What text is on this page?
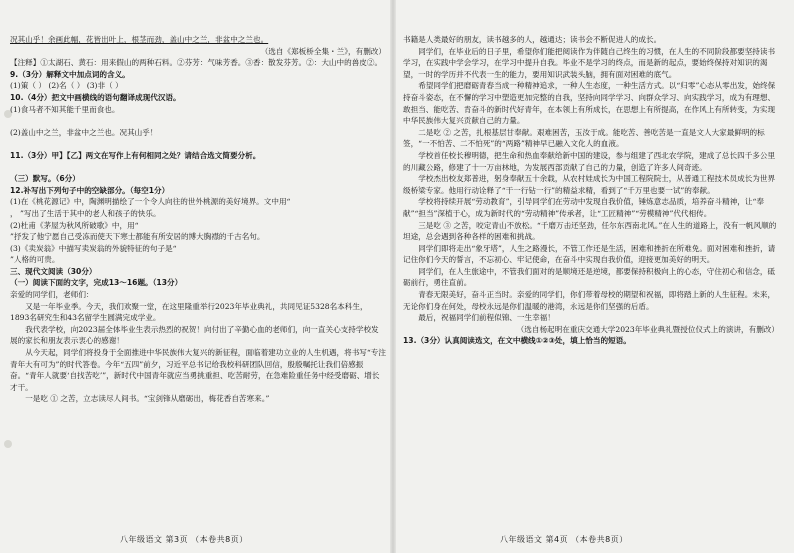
况其山乎！余画此幅，花皆出叶上，根茎而劲，盖山中之兰，非盆中之兰也。
（选自《郑板桥全集・兰》，有删改）
【注释】①太湖石、黄石：用来假山的两种石料。②芬芳：气味芳香。③香：散发芬芳。②：大山中的兽皮②。
9.（3分）解释文中加点词的含义。
(1)策（ ） (2)名（ ） (3)非（ ）
10.（4分）把文中画横线的语句翻译成现代汉语。
(1)食马者不知其能千里而食也。

(2)盖山中之兰，非盆中之兰也。况其山乎！

11.（3分）甲】【乙】两文在写作上有何相同之处？请结合选文简要分析。

（三）默写。（6分）
12.补写出下列句子中的空缺部分。（每空1分）
(1)在《桃花源记》中，陶渊明描绘了一个令人向往的世外桃源的美好境界。文中用“
， ”写出了生活于其中的老人和孩子的快乐。
(2)杜甫《茅屋为秋风所破歌》中，用“
”抒发了他宁愿自己受冻而使天下寒士都能有所安居的博大胸襟的千古名句。
(3)《卖炭翁》中描写卖炭翁的外貌特征的句子是“
”人格的可贵。
三、现代文阅读（30分）
（一）阅读下面的文字，完成13～16题。（13分）
亲爱的同学们，老师们：
又是一年毕业季。今天，我们欢聚一堂，在这里隆重举行2023年毕业典礼，共同见证5328名本科生，1893名研究生和43名留学生圆满完成学业。
我代表学校，向2023届全体毕业生表示热烈的祝贺！向付出了辛勤心血的老师们，向一直关心支持学校发展的家长和朋友表示衷心的感谢！
从今天起，同学们将投身于全面推进中华民族伟大复兴的新征程，面临着建功立业的人生机遇，将书写“专注青年大有可为”的时代答卷。今年“五四”前夕，习近平总书记给我校科研团队回信，殷殷嘱托让我们倍感振奋。“青年人就要‘自找苦吃’”，新时代中国青年就应当勇挑重担、吃苦耐劳，在急难险重任务中经受磨砺、增长才干。
一是吃 ① 之苦，立志读尽人间书。“宝剑锋从磨砺出，梅花香自苦寒来。”
八年级语文 第3页 （本卷共8页）
书籍是人类最好的朋友，读书越多的人，越通达；读书会不断促进人的成长。
同学们，在毕业后的日子里，希望你们能把阅读作为伴随自己终生的习惯，在人生的不同阶段都要坚持读书学习，在实践中学会学习，在学习中提升自我。毕业不是学习的终点，而是新的起点，要始终保持对知识的渴望，一时的学历并不代表一生的能力，要用知识武装头脑，拥有面对困难的底气。
希望同学们把磨砺青春当成一种精神追求，一种人生态度，一种生活方式。以“归零”心态从零出发，始终保持奋斗姿态，在不懈的学习中塑造更加完整的自我，坚持向同学学习、向群众学习、向实践学习，成为有理想、敢担当、能吃苦、肯奋斗的新时代好青年，在本领上有所成长，在思想上有所提高，在作风上有所转变，为实现中华民族伟大复兴贡献自己的力量。
二是吃 ② 之苦，扎根基层甘奉献。艰难困苦，玉汝于成。能吃苦、善吃苦是一直是文人大家最鲜明的标签，“一不怕苦、二不怕死”的“两路”精神早已融入文化人的血液。
学校首任校长穆明德，把生命和热血奉献给新中国的建设，参与组建了西北农学院，建成了总长四千多公里的川藏公路，修建了十一万亩林地，为发展西部贡献了自己的力量，创造了许多人间奇迹。
学校杰出校友郑普进，躬身奉献五十余载，从农村娃成长为中国工程院院士，从普通工程技术员成长为世界级桥梁专家。他用行动诠释了“干一行钻一行”的精益求精，看到了“千万里也要一试”的奉献。
学校将持续开展“劳动教育”，引导同学们在劳动中发现自我价值，锤炼意志品质，培养奋斗精神，让“奉献”“担当”深植于心，成为新时代的“劳动精神”传承者，让“工匠精神”“劳模精神”代代相传。
三是吃 ③ 之苦，咬定青山不放松。“千磨万击还坚劲，任尔东西南北风。”在人生的道路上，没有一帆风顺的坦途，总会遇到各种各样的困难和挑战。
同学们即将走出“象牙塔”，人生之路漫长，不管工作还是生活，困难和挫折在所难免。面对困难和挫折，请记住你们今天的誓言，不忘初心、牢记使命，在奋斗中实现自我价值，迎接更加美好的明天。
同学们，在人生旅途中，不管我们面对的是顺境还是逆境，都要保持积极向上的心态，守住初心和信念，砥砺前行，勇往直前。
青春无限美好，奋斗正当时。亲爱的同学们，你们带着母校的期望和祝福，即将踏上新的人生征程。未来，无论你们身在何处，母校永远是你们温暖的港湾，永远是你们坚强的后盾。
最后，祝福同学们前程似锦、一生幸福！
（选自杨起明在重庆交通大学2023年毕业典礼暨授位仪式上的演讲，有删改）
13.（3分）认真阅读选文，在文中横线①②③处，填上恰当的短语。
八年级语文 第4页 （本卷共8页）
